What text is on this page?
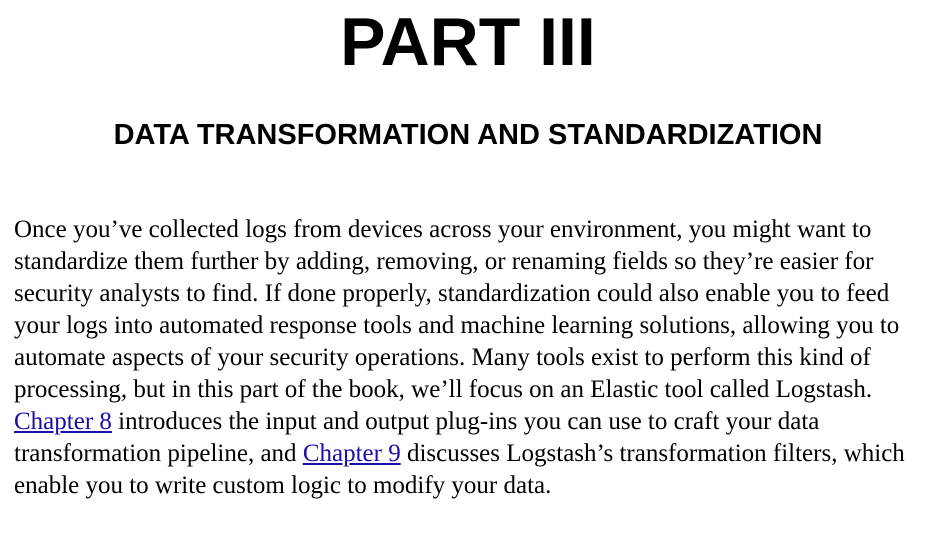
PART III
DATA TRANSFORMATION AND STANDARDIZATION

Once you’ve collected logs from devices across your environment, you might want to standardize them further by adding, removing, or renaming fields so they’re easier for security analysts to find. If done properly, standardization could also enable you to feed your logs into automated response tools and machine learning solutions, allowing you to automate aspects of your security operations. Many tools exist to perform this kind of processing, but in this part of the book, we’ll focus on an Elastic tool called Logstash. Chapter 8 introduces the input and output plug-ins you can use to craft your data transformation pipeline, and Chapter 9 discusses Logstash’s transformation filters, which enable you to write custom logic to modify your data.
